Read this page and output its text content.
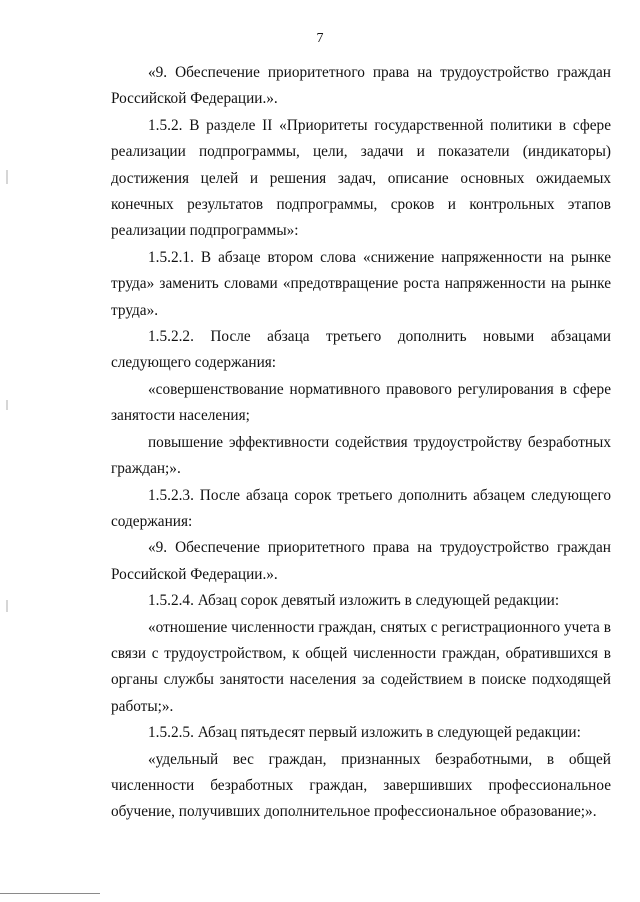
7

«9. Обеспечение приоритетного права на трудоустройство граждан Российской Федерации.».

1.5.2. В разделе II «Приоритеты государственной политики в сфере реализации подпрограммы, цели, задачи и показатели (индикаторы) достижения целей и решения задач, описание основных ожидаемых конечных результатов подпрограммы, сроков и контрольных этапов реализации подпрограммы»:

1.5.2.1. В абзаце втором слова «снижение напряженности на рынке труда» заменить словами «предотвращение роста напряженности на рынке труда».

1.5.2.2. После абзаца третьего дополнить новыми абзацами следующего содержания:

«совершенствование нормативного правового регулирования в сфере занятости населения;

повышение эффективности содействия трудоустройству безработных граждан;».

1.5.2.3. После абзаца сорок третьего дополнить абзацем следующего содержания:

«9. Обеспечение приоритетного права на трудоустройство граждан Российской Федерации.».

1.5.2.4. Абзац сорок девятый изложить в следующей редакции:

«отношение численности граждан, снятых с регистрационного учета в связи с трудоустройством, к общей численности граждан, обратившихся в органы службы занятости населения за содействием в поиске подходящей работы;».

1.5.2.5. Абзац пятьдесят первый изложить в следующей редакции:

«удельный вес граждан, признанных безработными, в общей численности безработных граждан, завершивших профессиональное обучение, получивших дополнительное профессиональное образование;».
